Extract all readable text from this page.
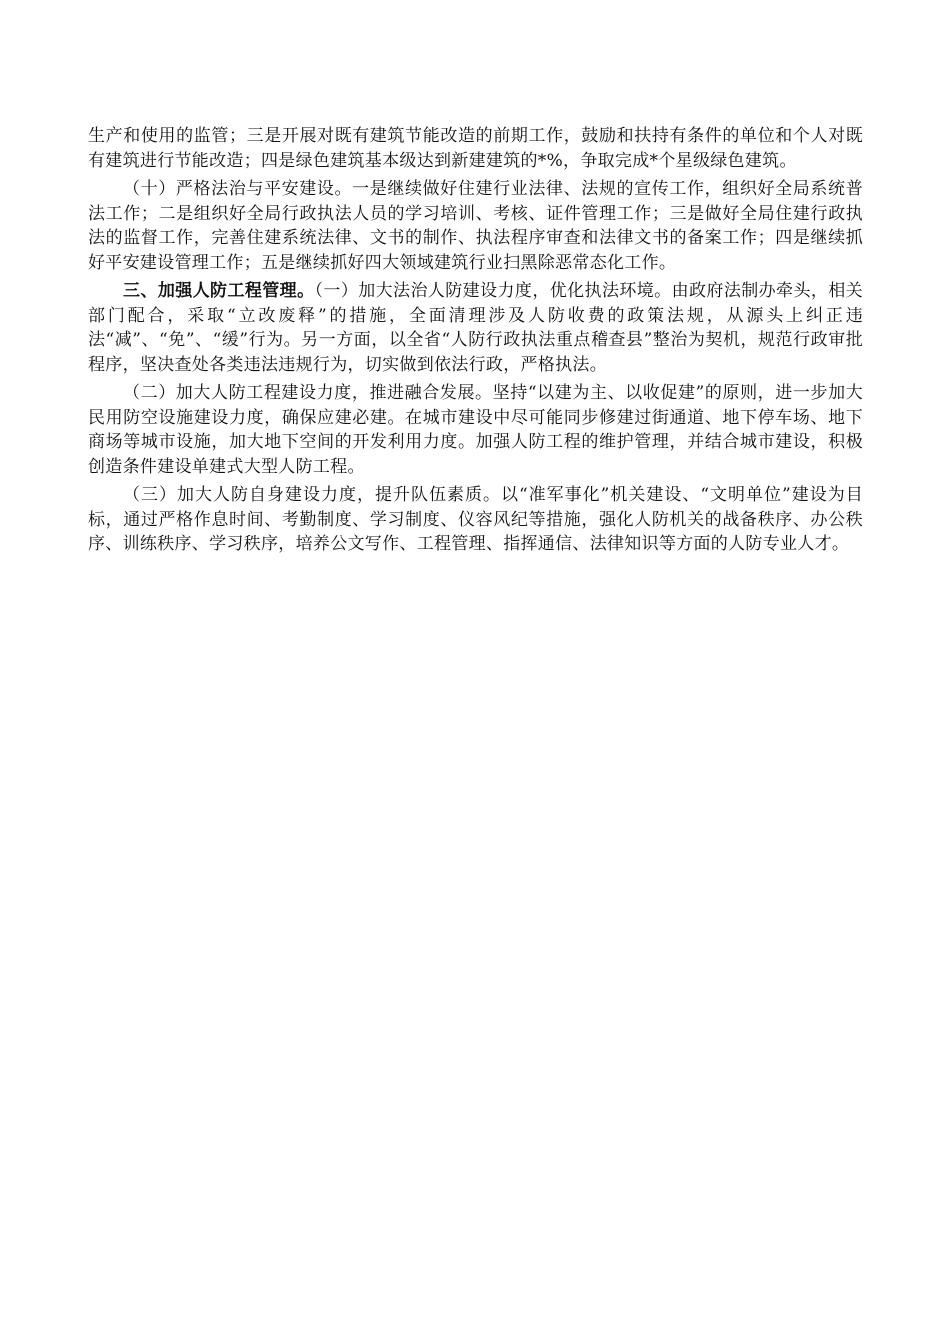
生产和使用的监管；三是开展对既有建筑节能改造的前期工作，鼓励和扶持有条件的单位和个人对既有建筑进行节能改造；四是绿色建筑基本级达到新建建筑的*%，争取完成*个星级绿色建筑。

（十）严格法治与平安建设。一是继续做好住建行业法律、法规的宣传工作，组织好全局系统普法工作；二是组织好全局行政执法人员的学习培训、考核、证件管理工作；三是做好全局住建行政执法的监督工作，完善住建系统法律、文书的制作、执法程序审查和法律文书的备案工作；四是继续抓好平安建设管理工作；五是继续抓好四大领域建筑行业扫黑除恶常态化工作。

三、加强人防工程管理。（一）加大法治人防建设力度，优化执法环境。由政府法制办牵头，相关部门配合，采取“立改废释”的措施，全面清理涉及人防收费的政策法规，从源头上纠正违法“减”、“免”、“缓”行为。另一方面，以全省“人防行政执法重点稽查县”整治为契机，规范行政审批程序，坚决查处各类违法违规行为，切实做到依法行政，严格执法。

（二）加大人防工程建设力度，推进融合发展。坚持“以建为主、以收促建”的原则，进一步加大民用防空设施建设力度，确保应建必建。在城市建设中尽可能同步修建过街通道、地下停车场、地下商场等城市设施，加大地下空间的开发利用力度。加强人防工程的维护管理，并结合城市建设，积极创造条件建设单建式大型人防工程。

（三）加大人防自身建设力度，提升队伍素质。以“准军事化”机关建设、“文明单位”建设为目标，通过严格作息时间、考勤制度、学习制度、仪容风纪等措施，强化人防机关的战备秩序、办公秩序、训练秩序、学习秩序，培养公文写作、工程管理、指挥通信、法律知识等方面的人防专业人才。
